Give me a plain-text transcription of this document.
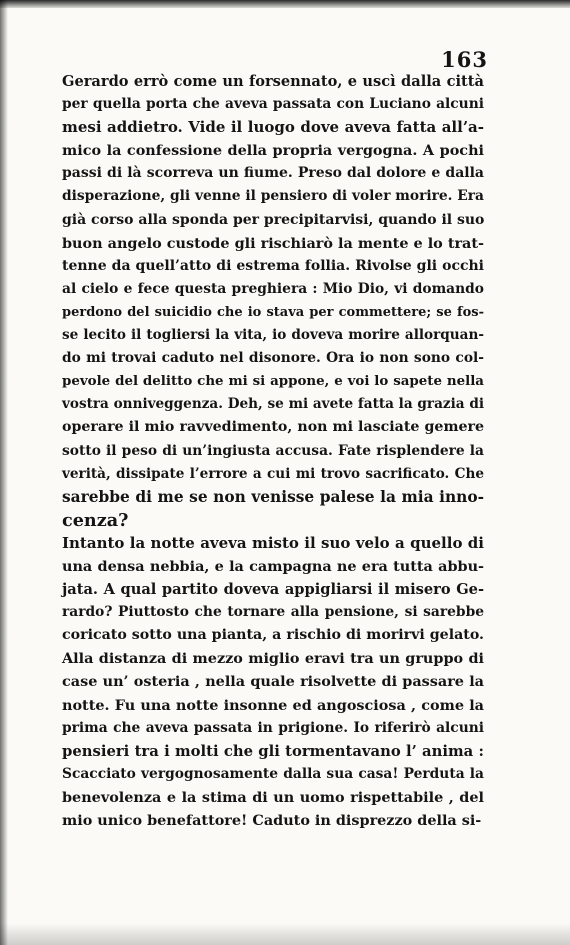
163
Gerardo errò come un forsennato, e uscì dalla città
per quella porta che aveva passata con Luciano alcuni
mesi addietro. Vide il luogo dove aveva fatta all’a-
mico la confessione della propria vergogna. A pochi
passi di là scorreva un fiume. Preso dal dolore e dalla
disperazione, gli venne il pensiero di voler morire. Era
già corso alla sponda per precipitarvisi, quando il suo
buon angelo custode gli rischiarò la mente e lo trat-
tenne da quell’atto di estrema follia. Rivolse gli occhi
al cielo e fece questa preghiera : Mio Dio, vi domando
perdono del suicidio che io stava per commettere; se fos-
se lecito il togliersi la vita, io doveva morire allorquan-
do mi trovai caduto nel disonore. Ora io non sono col-
pevole del delitto che mi si appone, e voi lo sapete nella
vostra onniveggenza. Deh, se mi avete fatta la grazia di
operare il mio ravvedimento, non mi lasciate gemere
sotto il peso di un’ingiusta accusa. Fate risplendere la
verità, dissipate l’errore a cui mi trovo sacrificato. Che
sarebbe di me se non venisse palese la mia inno-
cenza?
Intanto la notte aveva misto il suo velo a quello di
una densa nebbia, e la campagna ne era tutta abbu-
jata. A qual partito doveva appigliarsi il misero Ge-
rardo? Piuttosto che tornare alla pensione, si sarebbe
coricato sotto una pianta, a rischio di morirvi gelato.
Alla distanza di mezzo miglio eravi tra un gruppo di
case un’ osteria , nella quale risolvette di passare la
notte. Fu una notte insonne ed angosciosa , come la
prima che aveva passata in prigione. Io riferirò alcuni
pensieri tra i molti che gli tormentavano l’ anima :
Scacciato vergognosamente dalla sua casa! Perduta la
benevolenza e la stima di un uomo rispettabile , del
mio unico benefattore! Caduto in disprezzo della si-
